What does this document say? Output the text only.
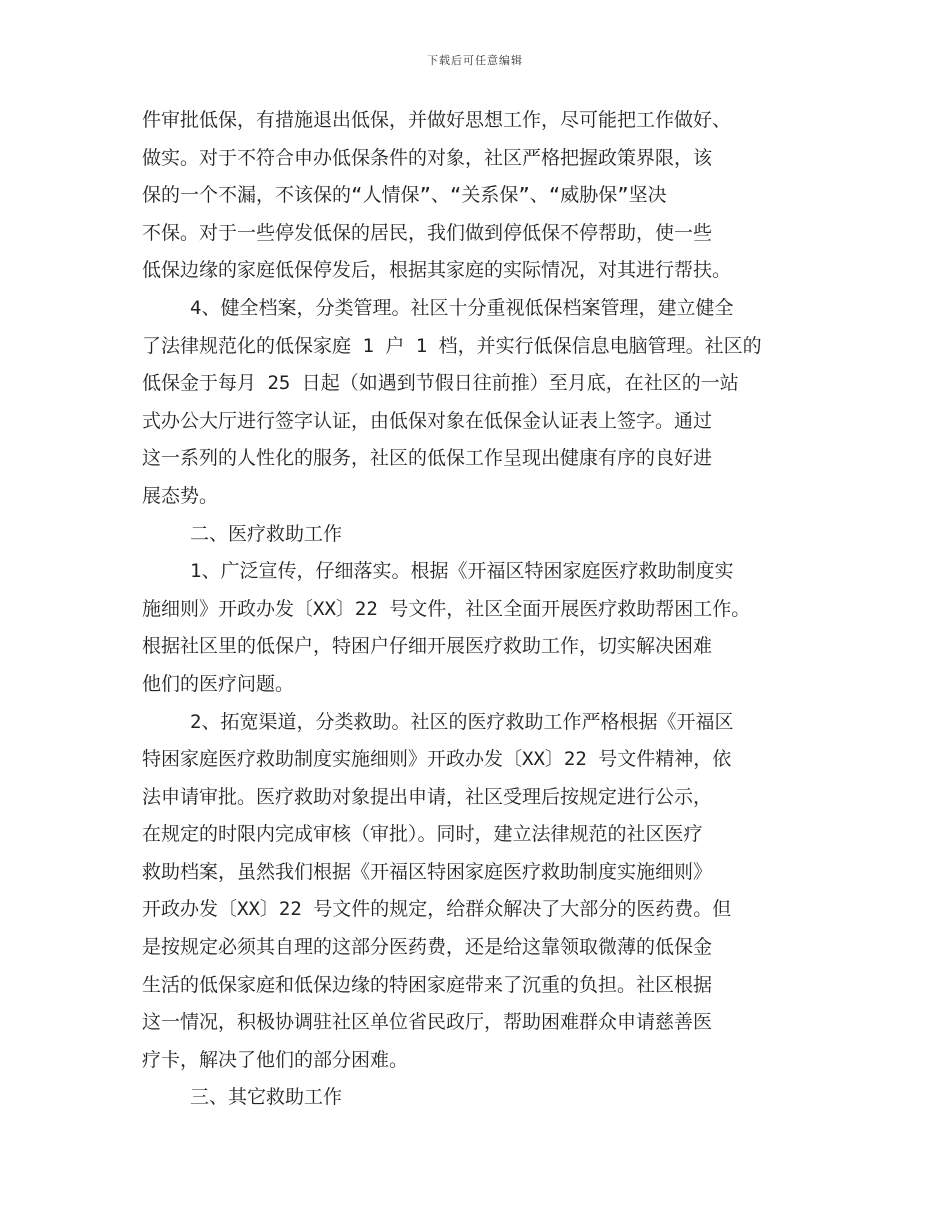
下载后可任意编辑
件审批低保，有措施退出低保，并做好思想工作，尽可能把工作做好、
做实。对于不符合申办低保条件的对象，社区严格把握政策界限，该
保的一个不漏，不该保的“人情保”、“关系保”、“威胁保”坚决
不保。对于一些停发低保的居民，我们做到停低保不停帮助，使一些
低保边缘的家庭低保停发后，根据其家庭的实际情况，对其进行帮扶。
4、健全档案，分类管理。社区十分重视低保档案管理，建立健全
了法律规范化的低保家庭 1 户 1 档，并实行低保信息电脑管理。社区的
低保金于每月 25 日起（如遇到节假日往前推）至月底，在社区的一站
式办公大厅进行签字认证，由低保对象在低保金认证表上签字。通过
这一系列的人性化的服务，社区的低保工作呈现出健康有序的良好进
展态势。
二、医疗救助工作
1、广泛宣传，仔细落实。根据《开福区特困家庭医疗救助制度实
施细则》开政办发〔XX〕22 号文件，社区全面开展医疗救助帮困工作。
根据社区里的低保户，特困户仔细开展医疗救助工作，切实解决困难
他们的医疗问题。
2、拓宽渠道，分类救助。社区的医疗救助工作严格根据《开福区
特困家庭医疗救助制度实施细则》开政办发〔XX〕22 号文件精神，依
法申请审批。医疗救助对象提出申请，社区受理后按规定进行公示，
在规定的时限内完成审核（审批）。同时，建立法律规范的社区医疗
救助档案，虽然我们根据《开福区特困家庭医疗救助制度实施细则》
开政办发〔XX〕22 号文件的规定，给群众解决了大部分的医药费。但
是按规定必须其自理的这部分医药费，还是给这靠领取微薄的低保金
生活的低保家庭和低保边缘的特困家庭带来了沉重的负担。社区根据
这一情况，积极协调驻社区单位省民政厅，帮助困难群众申请慈善医
疗卡，解决了他们的部分困难。
三、其它救助工作
